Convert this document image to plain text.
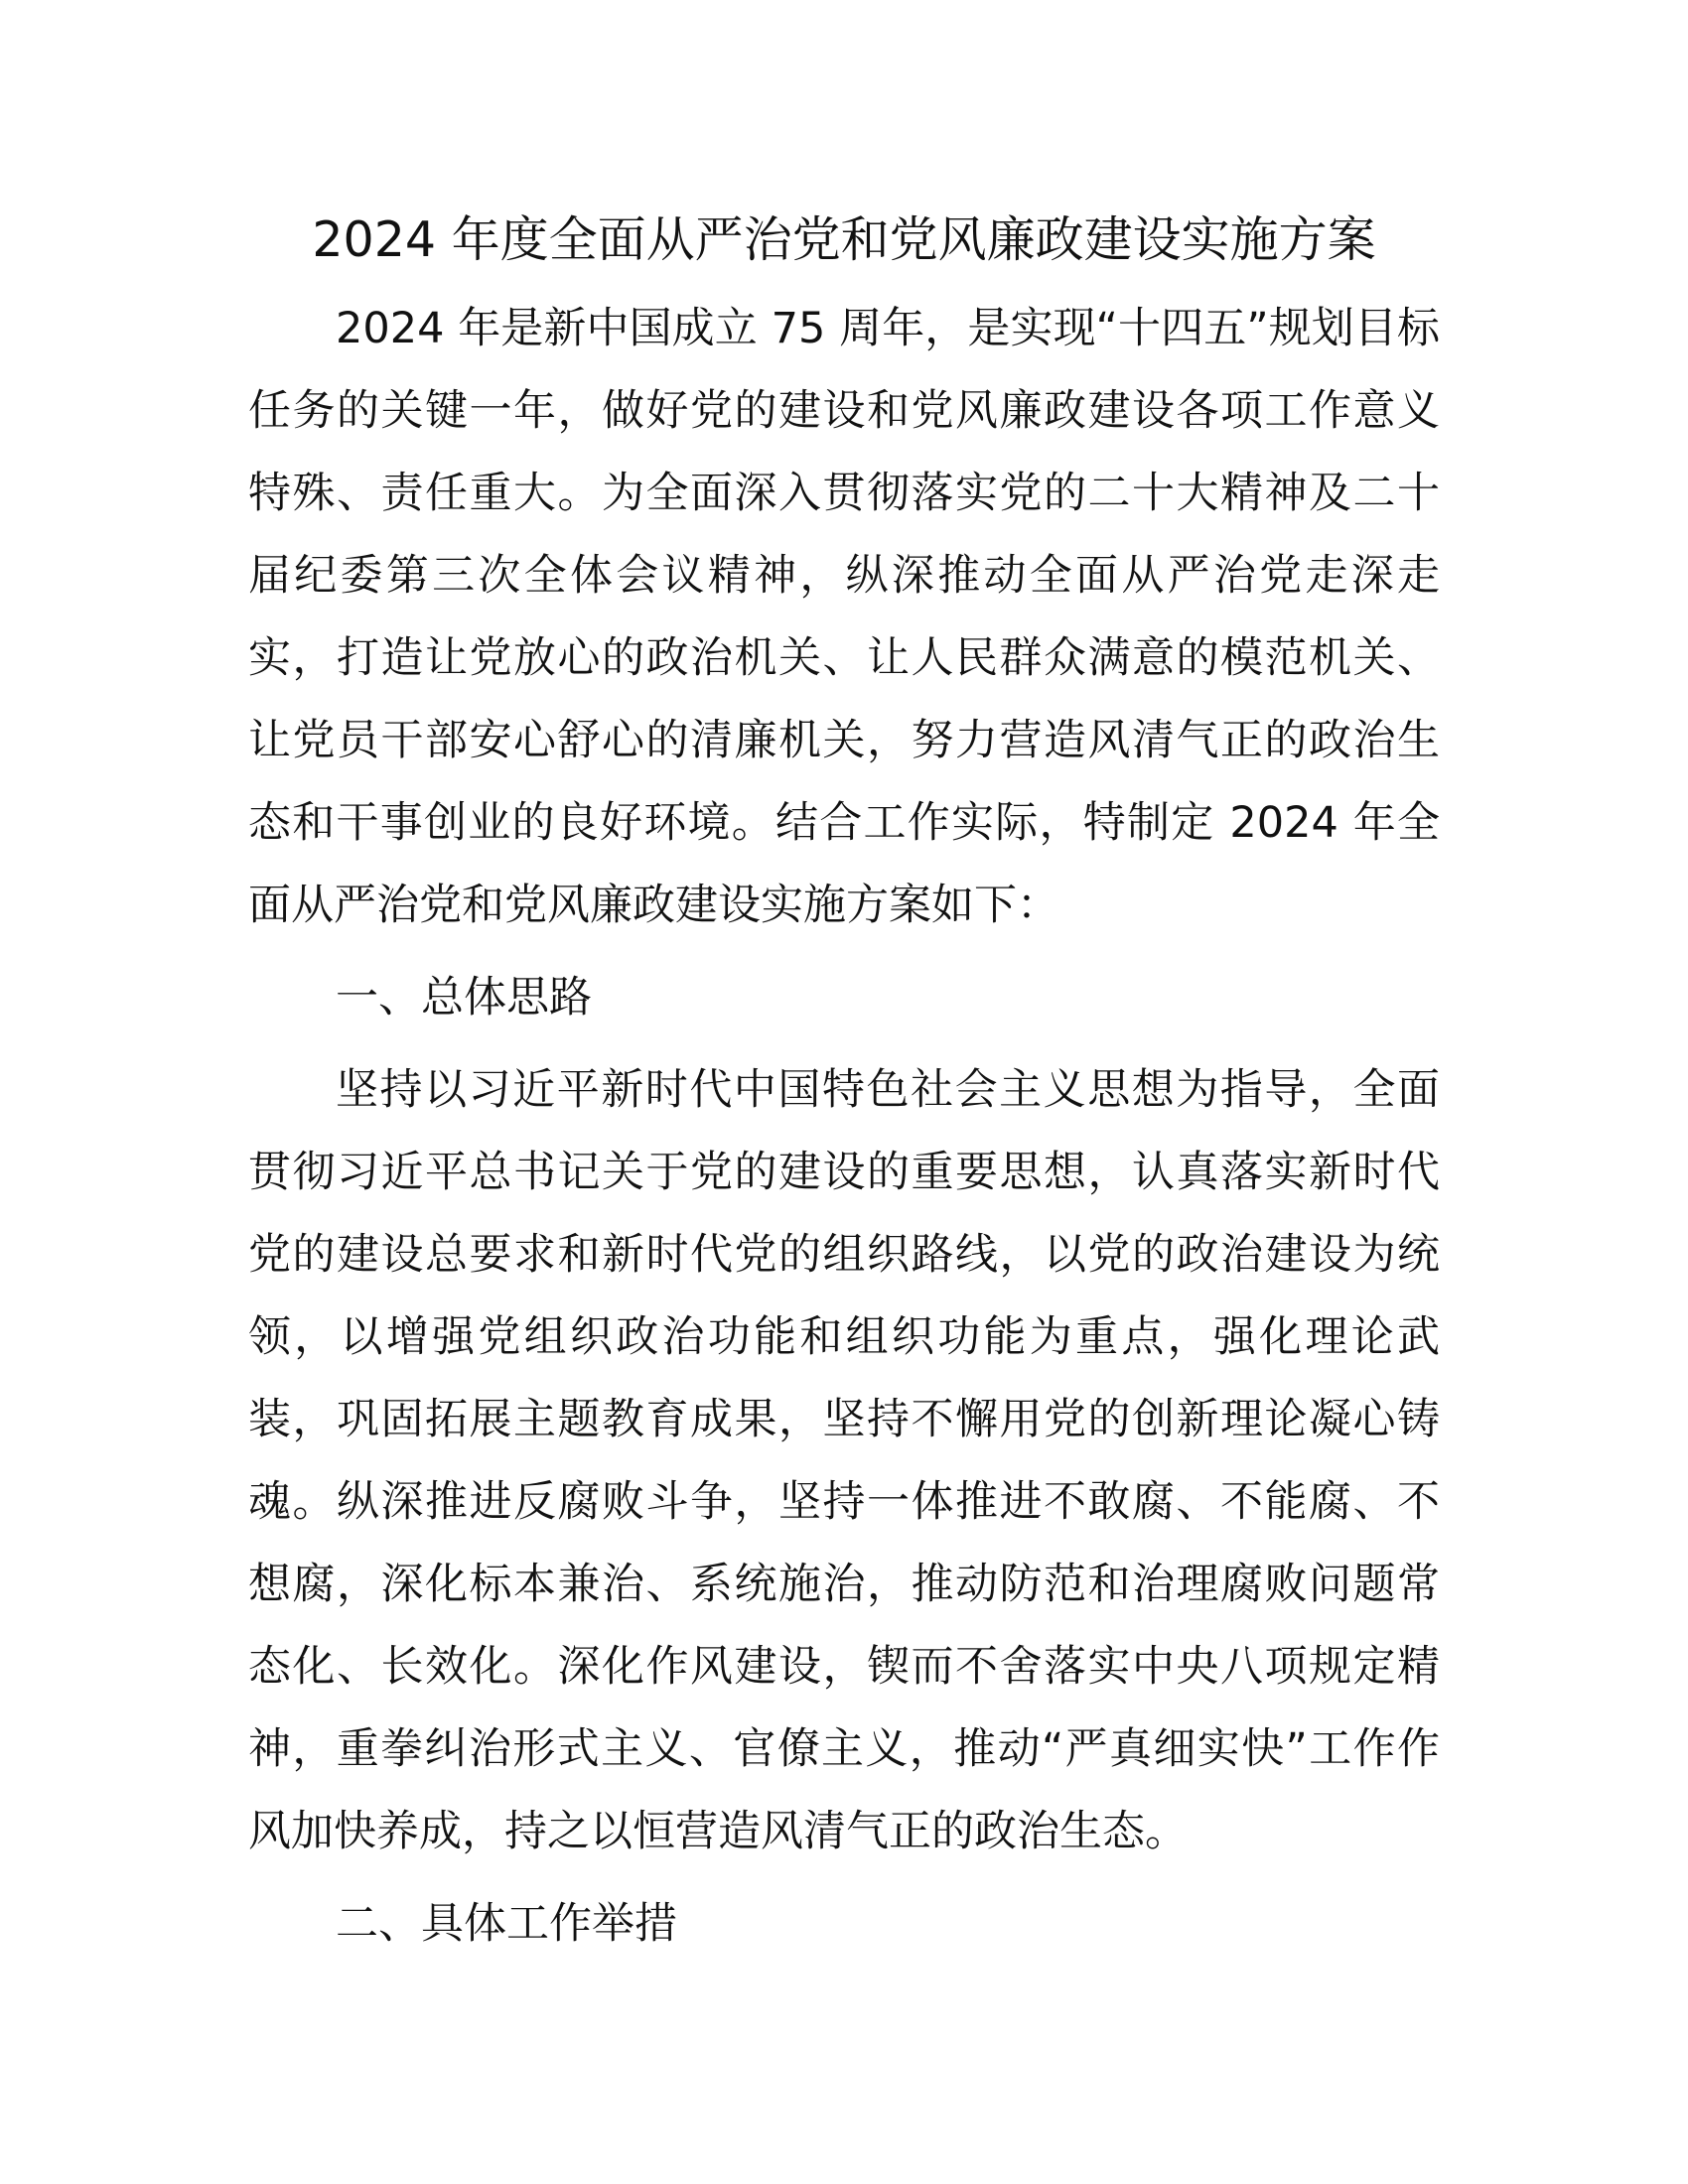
2024 年度全面从严治党和党风廉政建设实施方案

2024 年是新中国成立 75 周年，是实现“十四五”规划目标任务的关键一年，做好党的建设和党风廉政建设各项工作意义特殊、责任重大。为全面深入贯彻落实党的二十大精神及二十届纪委第三次全体会议精神，纵深推动全面从严治党走深走实，打造让党放心的政治机关、让人民群众满意的模范机关、让党员干部安心舒心的清廉机关，努力营造风清气正的政治生态和干事创业的良好环境。结合工作实际，特制定 2024 年全面从严治党和党风廉政建设实施方案如下：

一、总体思路

坚持以习近平新时代中国特色社会主义思想为指导，全面贯彻习近平总书记关于党的建设的重要思想，认真落实新时代党的建设总要求和新时代党的组织路线，以党的政治建设为统领，以增强党组织政治功能和组织功能为重点，强化理论武装，巩固拓展主题教育成果，坚持不懈用党的创新理论凝心铸魂。纵深推进反腐败斗争，坚持一体推进不敢腐、不能腐、不想腐，深化标本兼治、系统施治，推动防范和治理腐败问题常态化、长效化。深化作风建设，锲而不舍落实中央八项规定精神，重拳纠治形式主义、官僚主义，推动“严真细实快”工作作风加快养成，持之以恒营造风清气正的政治生态。

二、具体工作举措
